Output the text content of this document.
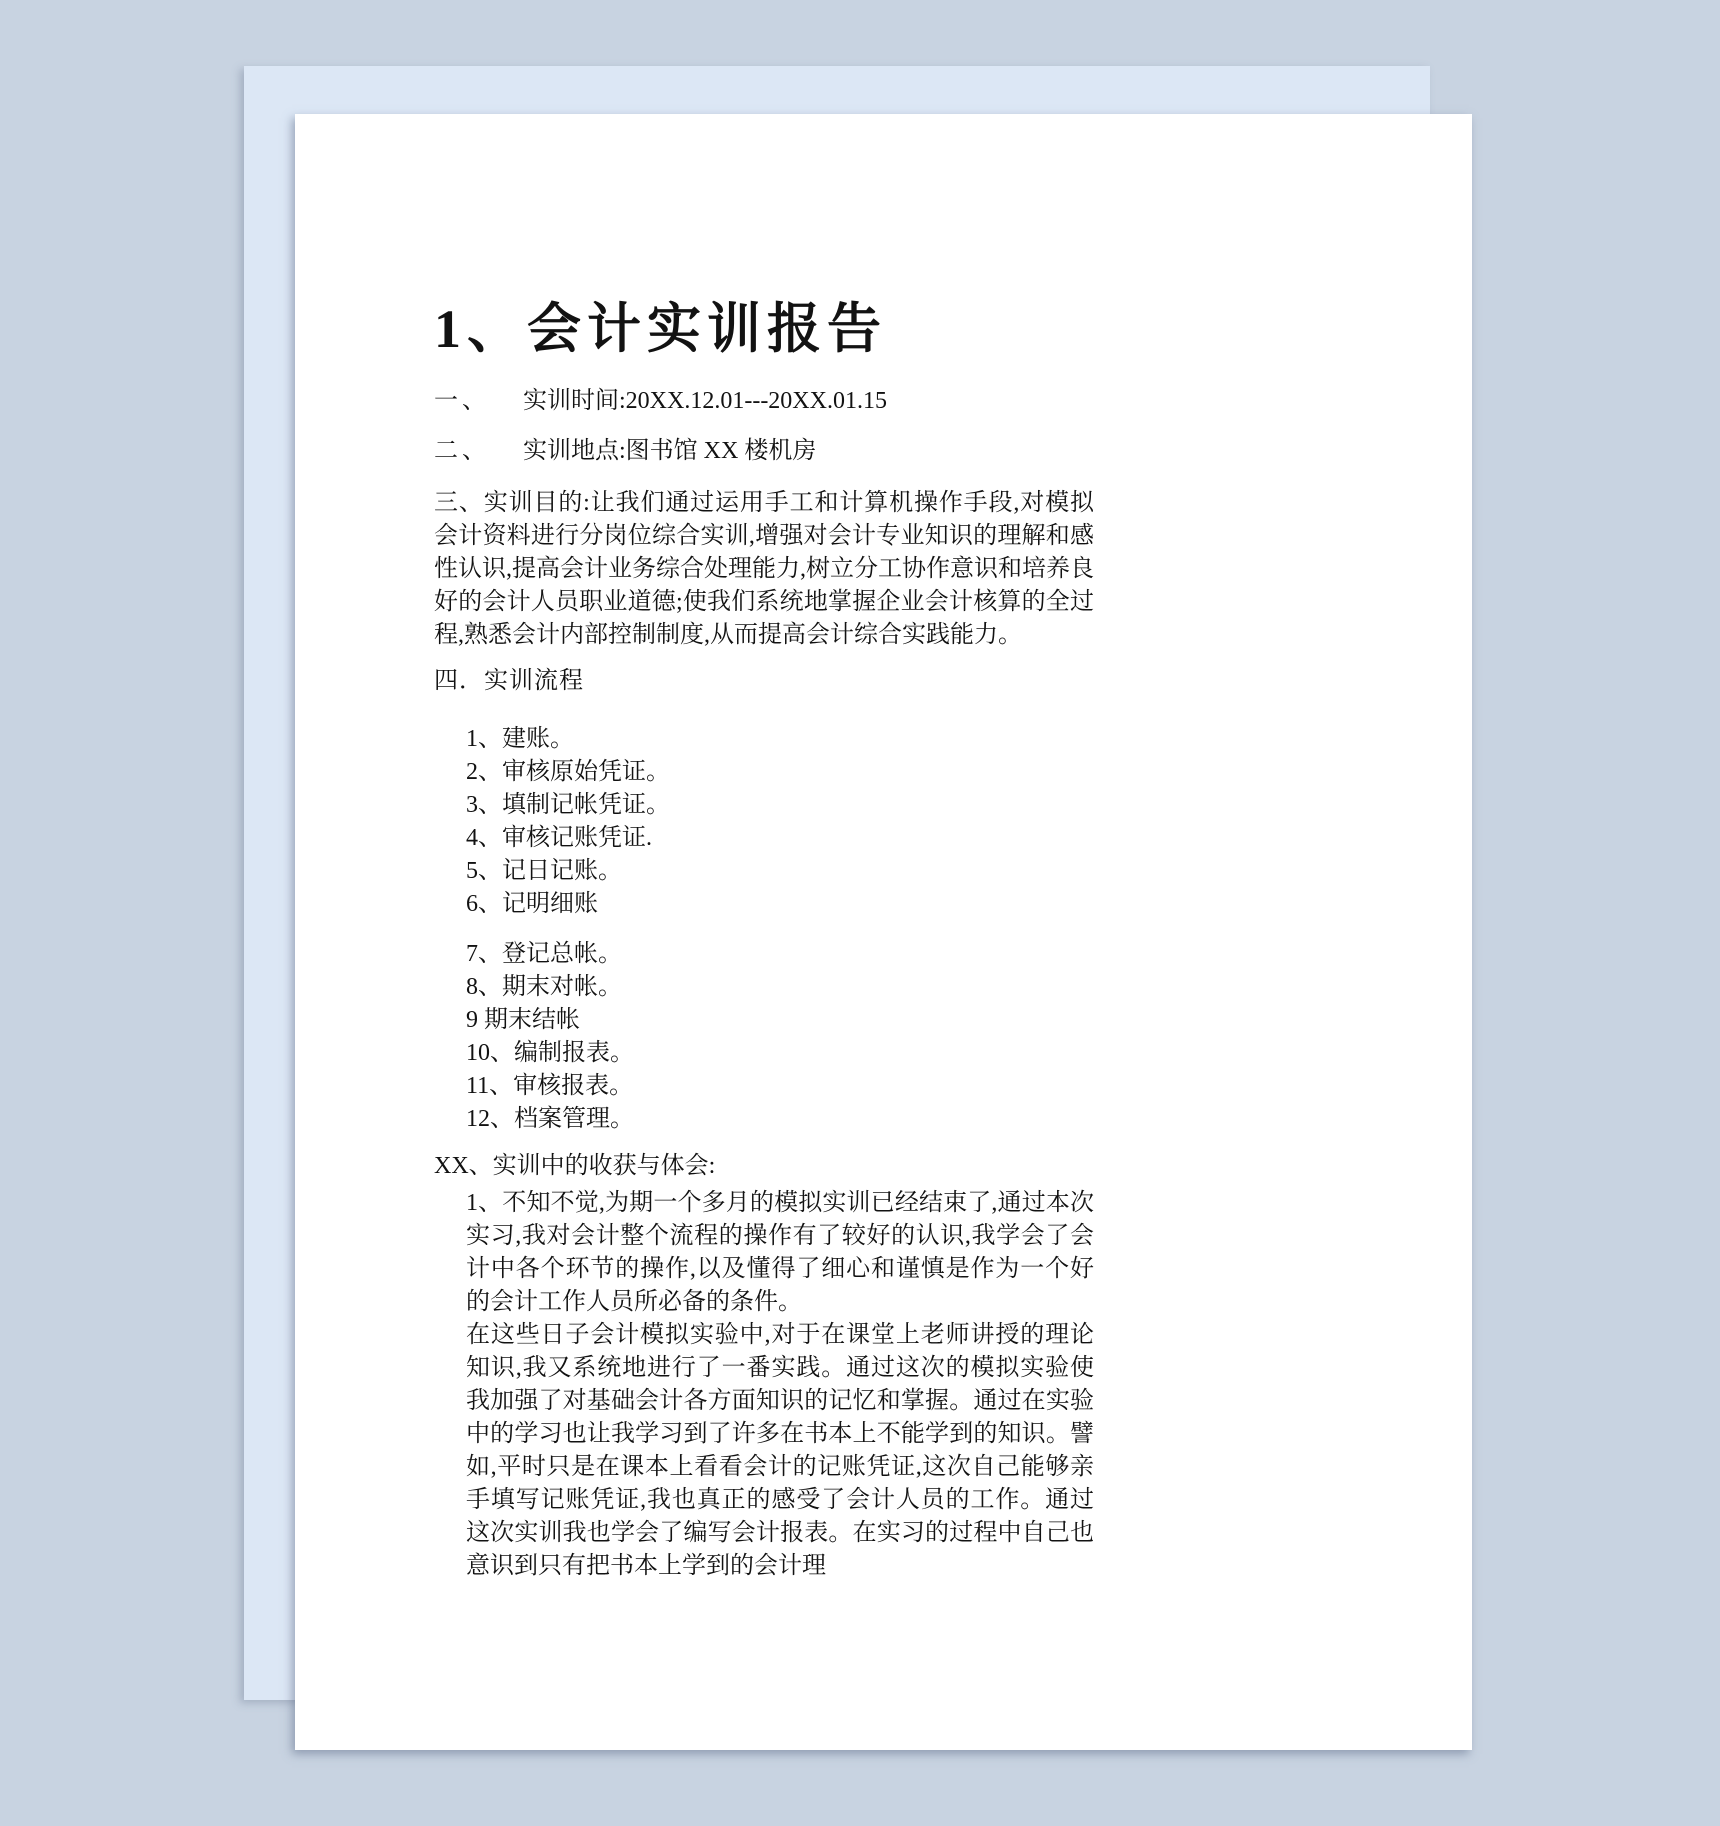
1、会计实训报告

一、 实训时间:20XX.12.01---20XX.01.15

二、 实训地点:图书馆 XX 楼机房

三、实训目的:让我们通过运用手工和计算机操作手段,对模拟会计资料进行分岗位综合实训,增强对会计专业知识的理解和感性认识,提高会计业务综合处理能力,树立分工协作意识和培养良好的会计人员职业道德;使我们系统地掌握企业会计核算的全过程,熟悉会计内部控制制度,从而提高会计综合实践能力。

四．实训流程

1、建账。
2、审核原始凭证。
3、填制记帐凭证。
4、审核记账凭证.
5、记日记账。
6、记明细账
7、登记总帐。
8、期末对帐。
9 期末结帐
10、编制报表。
11、审核报表。
12、档案管理。

XX、实训中的收获与体会:

1、不知不觉,为期一个多月的模拟实训已经结束了,通过本次实习,我对会计整个流程的操作有了较好的认识,我学会了会计中各个环节的操作,以及懂得了细心和谨慎是作为一个好的会计工作人员所必备的条件。

在这些日子会计模拟实验中,对于在课堂上老师讲授的理论知识,我又系统地进行了一番实践。通过这次的模拟实验使我加强了对基础会计各方面知识的记忆和掌握。通过在实验中的学习也让我学习到了许多在书本上不能学到的知识。譬如,平时只是在课本上看看会计的记账凭证,这次自己能够亲手填写记账凭证,我也真正的感受了会计人员的工作。通过这次实训我也学会了编写会计报表。在实习的过程中自己也意识到只有把书本上学到的会计理
